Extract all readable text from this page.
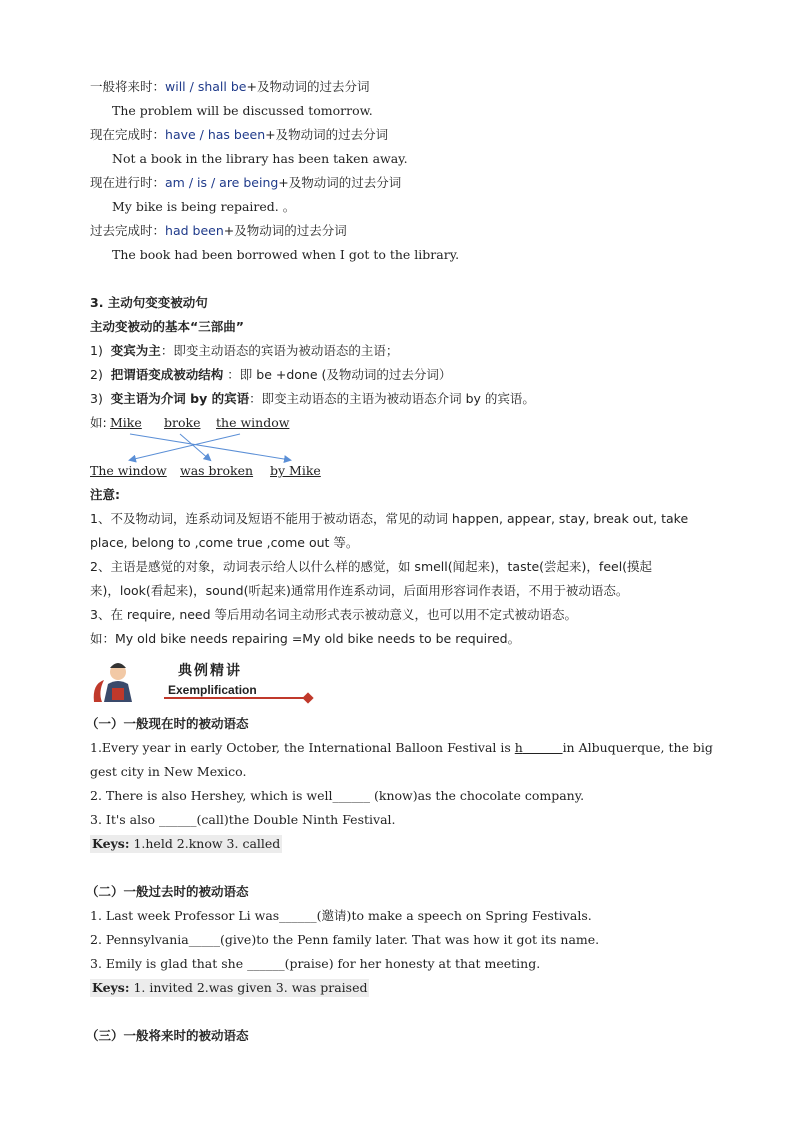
一般将来时：will / shall be+及物动词的过去分词
The problem will be discussed tomorrow.
现在完成时：have / has been+及物动词的过去分词
Not a book in the library has been taken away.
现在进行时：am / is / are being+及物动词的过去分词
My bike is being repaired. 。
过去完成时：had been+及物动词的过去分词
The book had been borrowed when I got to the library.
3. 主动句变变被动句
主动变被动的基本“三部曲”
1) 变宾为主：即变主动语态的宾语为被动语态的主语；
2) 把谓语变成被动结构 ：即 be +done (及物动词的过去分词）
3) 变主语为介词 by 的宾语：即变主动语态的主语为被动语态介词 by 的宾语。
如: Mike broke the window
The window was broken by Mike
注意:
1、不及物动词，连系动词及短语不能用于被动语态，常见的动词 happen, appear, stay, break out, take
place, belong to ,come true ,come out 等。
2、主语是感觉的对象，动词表示给人以什么样的感觉，如 smell(闻起来)，taste(尝起来)，feel(摸起
来)，look(看起来)，sound(听起来)通常用作连系动词，后面用形容词作表语，不用于被动语态。
3、在 require, need 等后用动名词主动形式表示被动意义，也可以用不定式被动语态。
如：My old bike needs repairing =My old bike needs to be required。
典例精讲
Exemplification
（一）一般现在时的被动语态
1.Every year in early October, the International Balloon Festival is h	in Albuquerque, the big
gest city in New Mexico.
2. There is also Hershey, which is well______ (know)as the chocolate company.
3. It's also ______(call)the Double Ninth Festival.
Keys: 1.held 2.know 3. called
（二）一般过去时的被动语态
1. Last week Professor Li was______(邀请)to make a speech on Spring Festivals.
2. Pennsylvania_____(give)to the Penn family later. That was how it got its name.
3. Emily is glad that she ______(praise) for her honesty at that meeting.
Keys: 1. invited 2.was given 3. was praised
（三）一般将来时的被动语态
